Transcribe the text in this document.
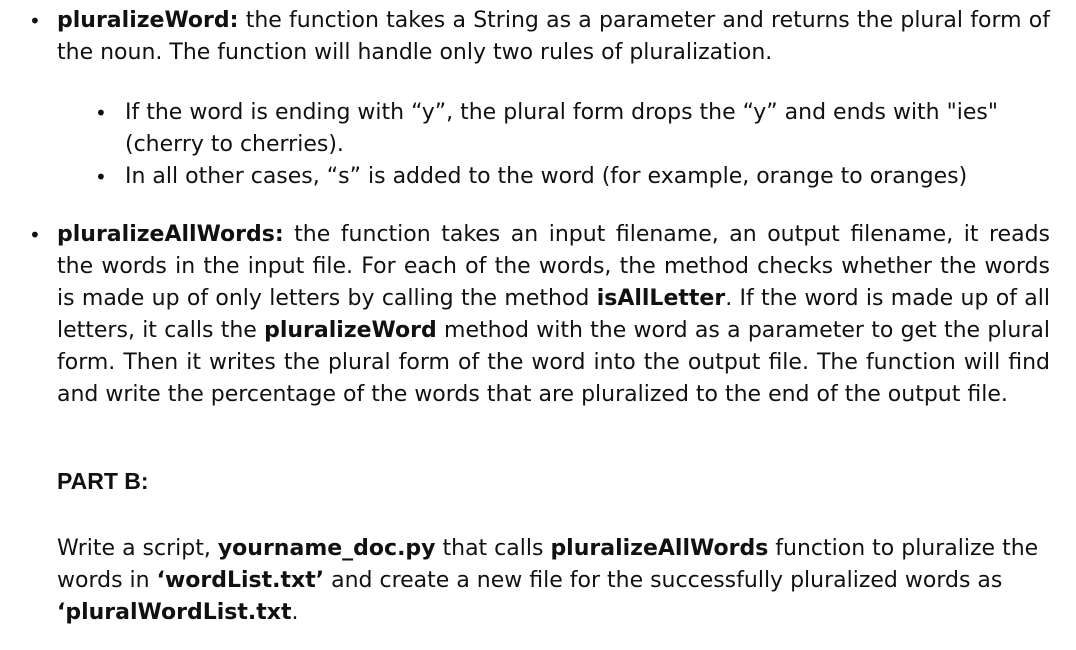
• pluralizeWord: the function takes a String as a parameter and returns the plural form of the noun. The function will handle only two rules of pluralization.
• If the word is ending with “y”, the plural form drops the “y” and ends with "ies" (cherry to cherries).
• In all other cases, “s” is added to the word (for example, orange to oranges)
• pluralizeAllWords: the function takes an input filename, an output filename, it reads the words in the input file. For each of the words, the method checks whether the words is made up of only letters by calling the method isAllLetter. If the word is made up of all letters, it calls the pluralizeWord method with the word as a parameter to get the plural form. Then it writes the plural form of the word into the output file. The function will find and write the percentage of the words that are pluralized to the end of the output file.
PART B:
Write a script, yourname_doc.py that calls pluralizeAllWords function to pluralize the words in ‘wordList.txt’ and create a new file for the successfully pluralized words as ‘pluralWordList.txt.
